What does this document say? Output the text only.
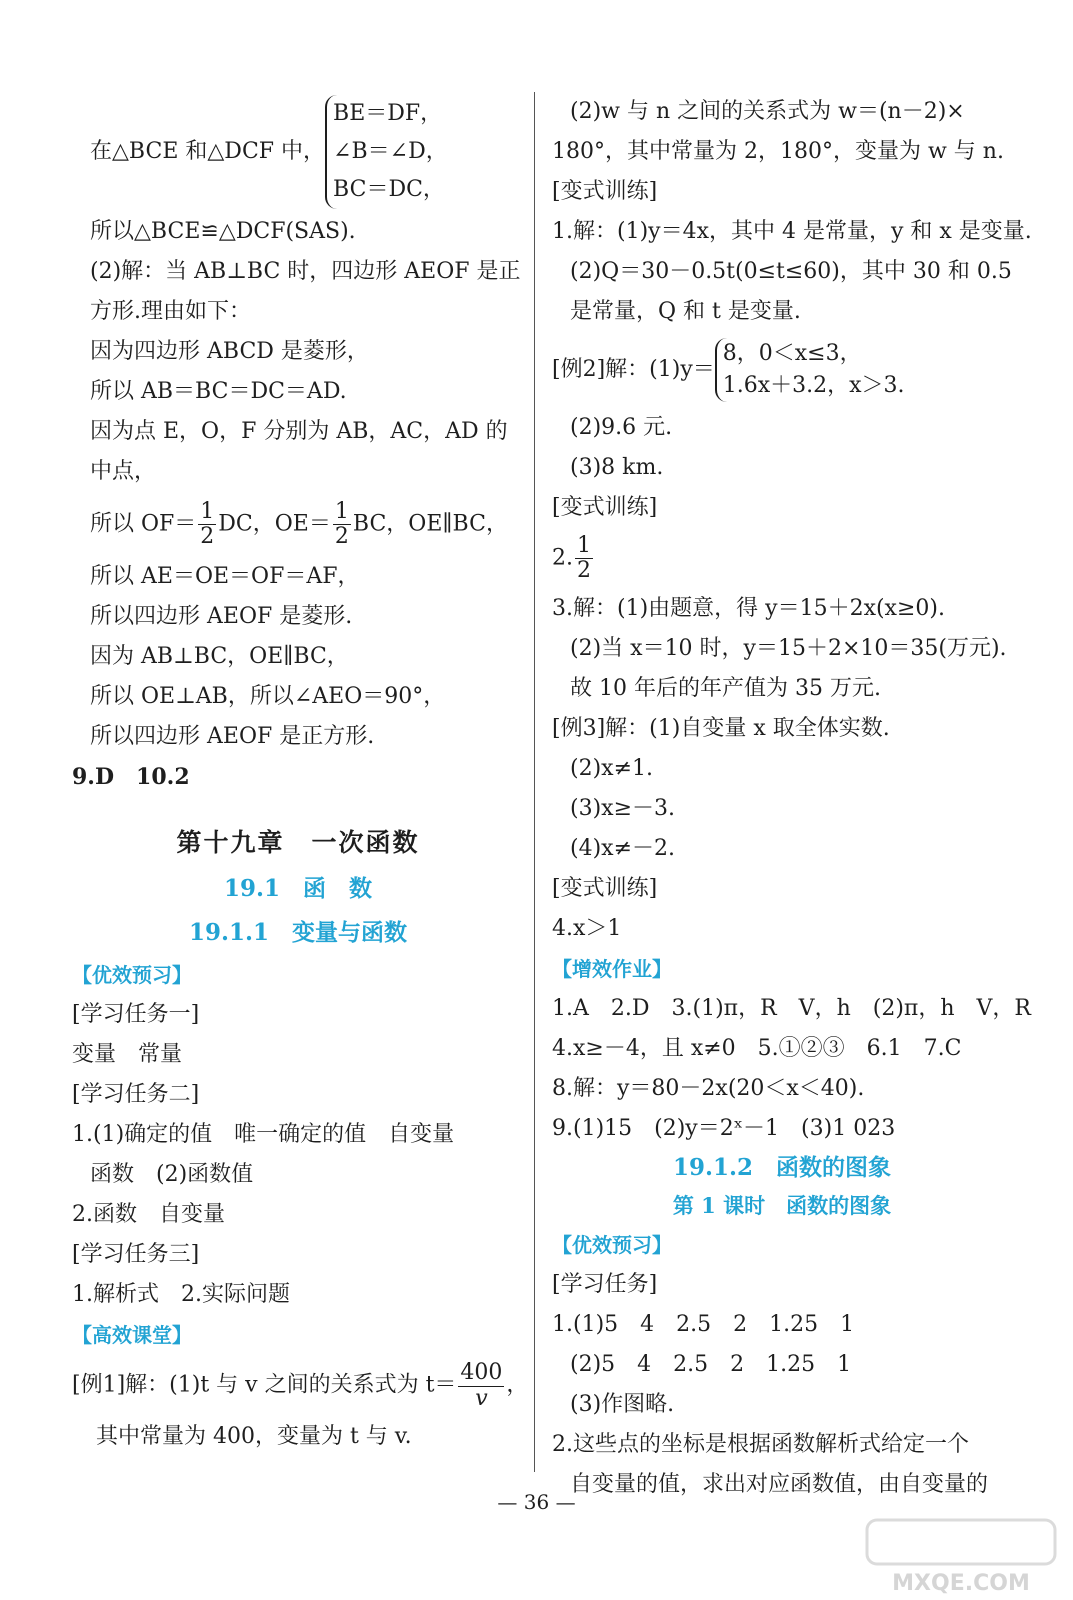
在△BCE 和△DCF 中，
BE＝DF，
∠B＝∠D，
BC＝DC，
所以△BCE≌△DCF(SAS).
(2)解：当 AB⊥BC 时，四边形 AEOF 是正
方形.理由如下：
因为四边形 ABCD 是菱形，
所以 AB＝BC＝DC＝AD.
因为点 E，O，F 分别为 AB，AC，AD 的
中点，
所以 $OF= \frac{1}{2}$ DC，$OE= \frac{1}{2}$ BC，OE∥BC，
所以 AE＝OE＝OF＝AF，
所以四边形 AEOF 是菱形.
因为 AB⊥BC，OE∥BC，
所以 OE⊥AB，所以∠AEO＝90°，
所以四边形 AEOF 是正方形.
9.D　10.2
第十九章　一次函数
19.1　函　数
19.1.1　变量与函数
【优效预习】
[学习任务一]
变量　常量
[学习任务二]
1.(1)确定的值　唯一确定的值　自变量
函数　(2)函数值
2.函数　自变量
[学习任务三]
1.解析式　2.实际问题
【高效课堂】
[例1]解：(1)t 与 v 之间的关系式为 $t= \frac{400}{v}$ ，
其中常量为 400，变量为 t 与 v.
(2)w 与 n 之间的关系式为 w＝(n－2)×
180°，其中常量为 2，180°，变量为 w 与 n.
[变式训练]
1.解：(1)y＝4x，其中 4 是常量，y 和 x 是变量.
(2)Q＝30－0.5t(0≤t≤60)，其中 30 和 0.5
是常量，Q 和 t 是变量.
[例2]解：(1)y＝
8，0＜x≤3，
1.6x＋3.2，x＞3.
(2)9.6 元.
(3)8 km.
[变式训练]
2. $\frac{1}{2}$
3.解：(1)由题意，得 y＝15＋2x(x≥0).
(2)当 x＝10 时，y＝15＋2×10＝35(万元).
故 10 年后的年产值为 35 万元.
[例3]解：(1)自变量 x 取全体实数.
(2)x≠1.
(3)x≥－3.
(4)x≠－2.
[变式训练]
4.x＞1
【增效作业】
1.A　2.D　3.(1)π，R　V，h　(2)π，h　V，R
4.x≥－4，且 x≠0　5.①②③　6.1　7.C
8.解：y＝80－2x(20＜x＜40).
9.(1)15　(2)y＝2ˣ－1　(3)1 023
19.1.2　函数的图象
第 1 课时　函数的图象
【优效预习】
[学习任务]
1.(1)5　4　2.5　2　1.25　1
(2)5　4　2.5　2　1.25　1
(3)作图略.
2.这些点的坐标是根据函数解析式给定一个
自变量的值，求出对应函数值，由自变量的
— 36 —
MXQE.COM
